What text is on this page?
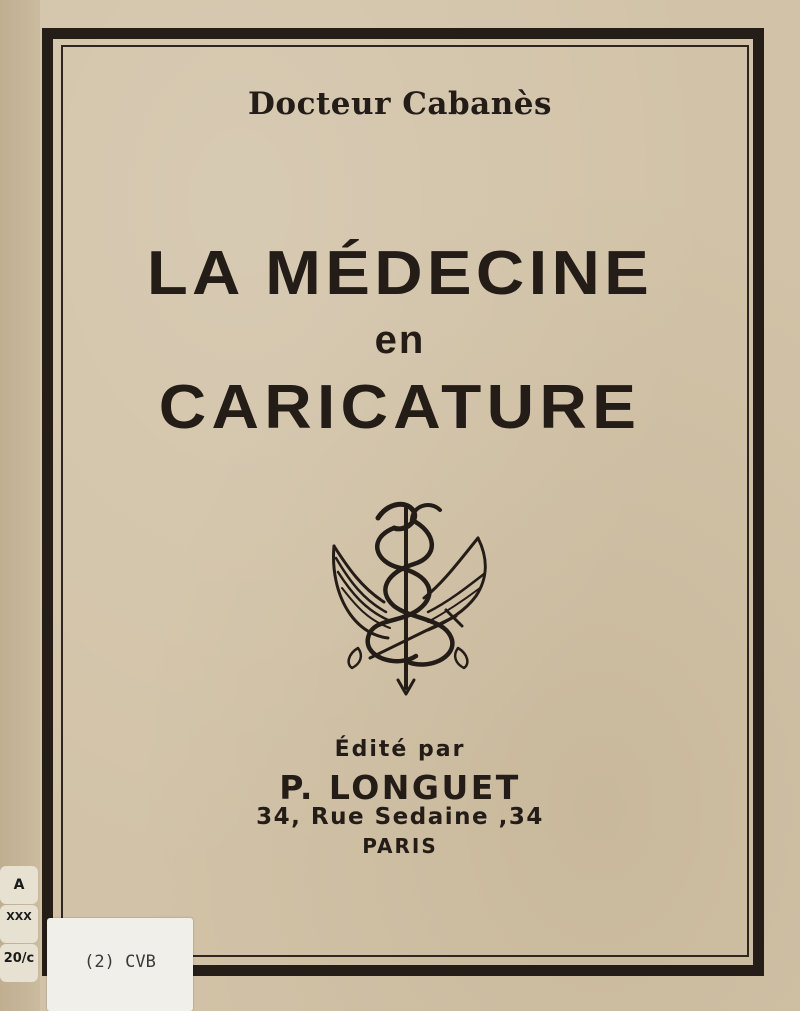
Docteur Cabanès
LA MÉDECINE
en
CARICATURE
Édité par
P. LONGUET
34, Rue Sedaine ,34
PARIS
A
XXX
20/c	(2) CVB
